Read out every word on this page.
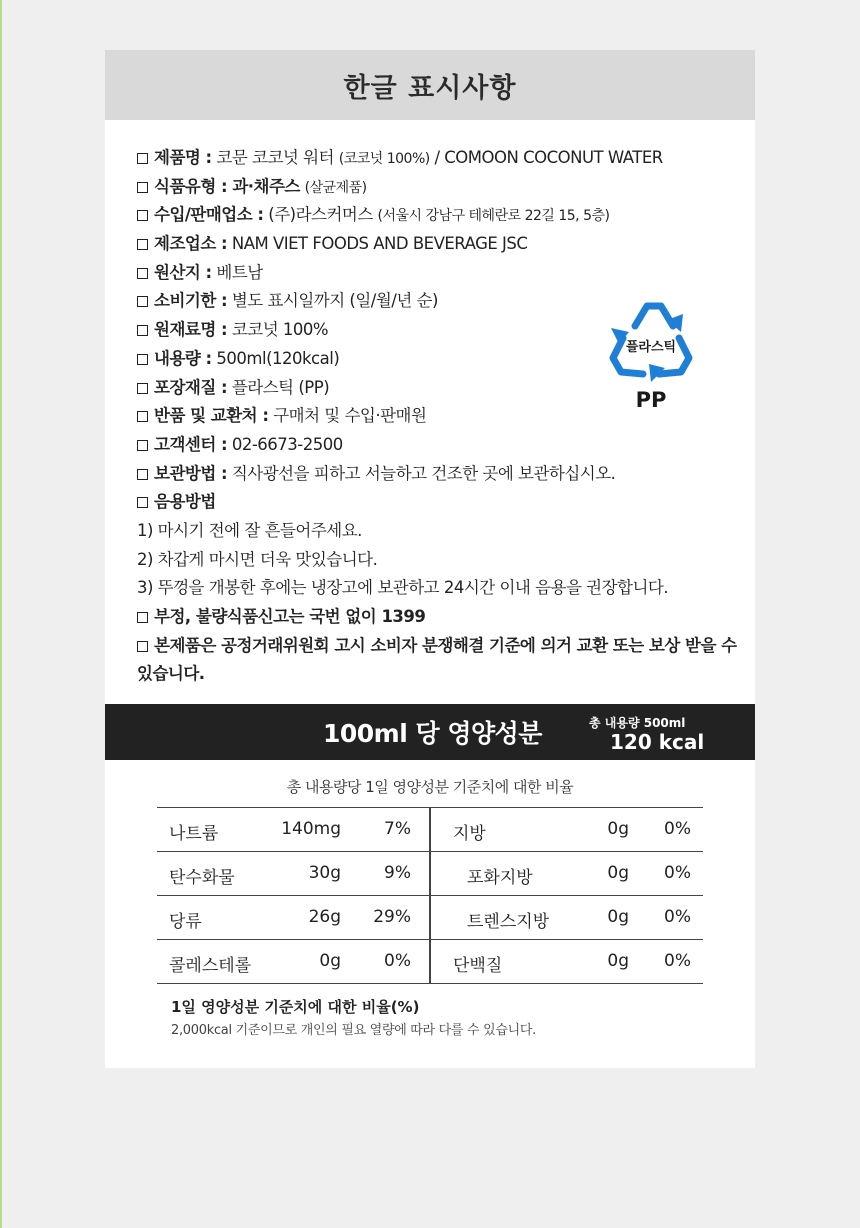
한글 표시사항
제품명 : 코문 코코넛 워터 (코코넛 100%) / COMOON COCONUT WATER
식품유형 : 과·채주스 (살균제품)
수입/판매업소 : (주)라스커머스 (서울시 강남구 테헤란로 22길 15, 5층)
제조업소 : NAM VIET FOODS AND BEVERAGE JSC
원산지 : 베트남
소비기한 : 별도 표시일까지 (일/월/년 순)
원재료명 : 코코넛 100%
내용량 : 500ml(120kcal)
포장재질 : 플라스틱 (PP)
반품 및 교환처 : 구매처 및 수입·판매원
고객센터 : 02-6673-2500
보관방법 : 직사광선을 피하고 서늘하고 건조한 곳에 보관하십시오.
음용방법
1) 마시기 전에 잘 흔들어주세요.
2) 차갑게 마시면 더욱 맛있습니다.
3) 뚜껑을 개봉한 후에는 냉장고에 보관하고 24시간 이내 음용을 권장합니다.
부정, 불량식품신고는 국번 없이 1399
본제품은 공정거래위원회 고시 소비자 분쟁해결 기준에 의거 교환 또는 보상 받을 수 있습니다.
플라스틱
PP
100ml 당 영양성분	총 내용량 500ml
120 kcal
총 내용량당 1일 영양성분 기준치에 대한 비율
나트륨	140mg	7% 지방	0g	0%
탄수화물	30g	9%	포화지방	0g	0%
당류	26g	29%	트렌스지방	0g	0%
콜레스테롤	0g	0% 단백질	0g	0%
1일 영양성분 기준치에 대한 비율(%)
2,000kcal 기준이므로 개인의 필요 열량에 따라 다를 수 있습니다.
